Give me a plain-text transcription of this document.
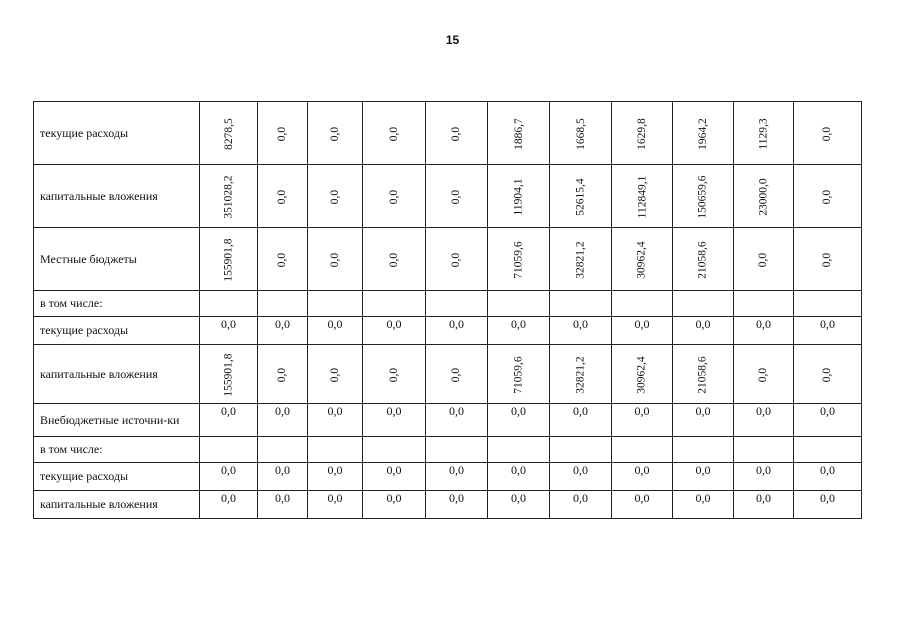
15
текущие расходы	8278,5	0,0	0,0	0,0	0,0	1886,7	1668,5	1629,8	1964,2	1129,3	0,0
капитальные вложения	351028,2	0,0	0,0	0,0	0,0	11904,1	52615,4	112849,1	150659,6	23000,0	0,0
Местные бюджеты	155901,8	0,0	0,0	0,0	0,0	71059,6	32821,2	30962,4	21058,6	0,0	0,0
в том числе:											
текущие расходы	0,0	0,0	0,0	0,0	0,0	0,0	0,0	0,0	0,0	0,0	0,0
капитальные вложения	155901,8	0,0	0,0	0,0	0,0	71059,6	32821,2	30962,4	21058,6	0,0	0,0
Внебюджетные источни-ки	0,0	0,0	0,0	0,0	0,0	0,0	0,0	0,0	0,0	0,0	0,0
в том числе:											
текущие расходы	0,0	0,0	0,0	0,0	0,0	0,0	0,0	0,0	0,0	0,0	0,0
капитальные вложения	0,0	0,0	0,0	0,0	0,0	0,0	0,0	0,0	0,0	0,0	0,0
